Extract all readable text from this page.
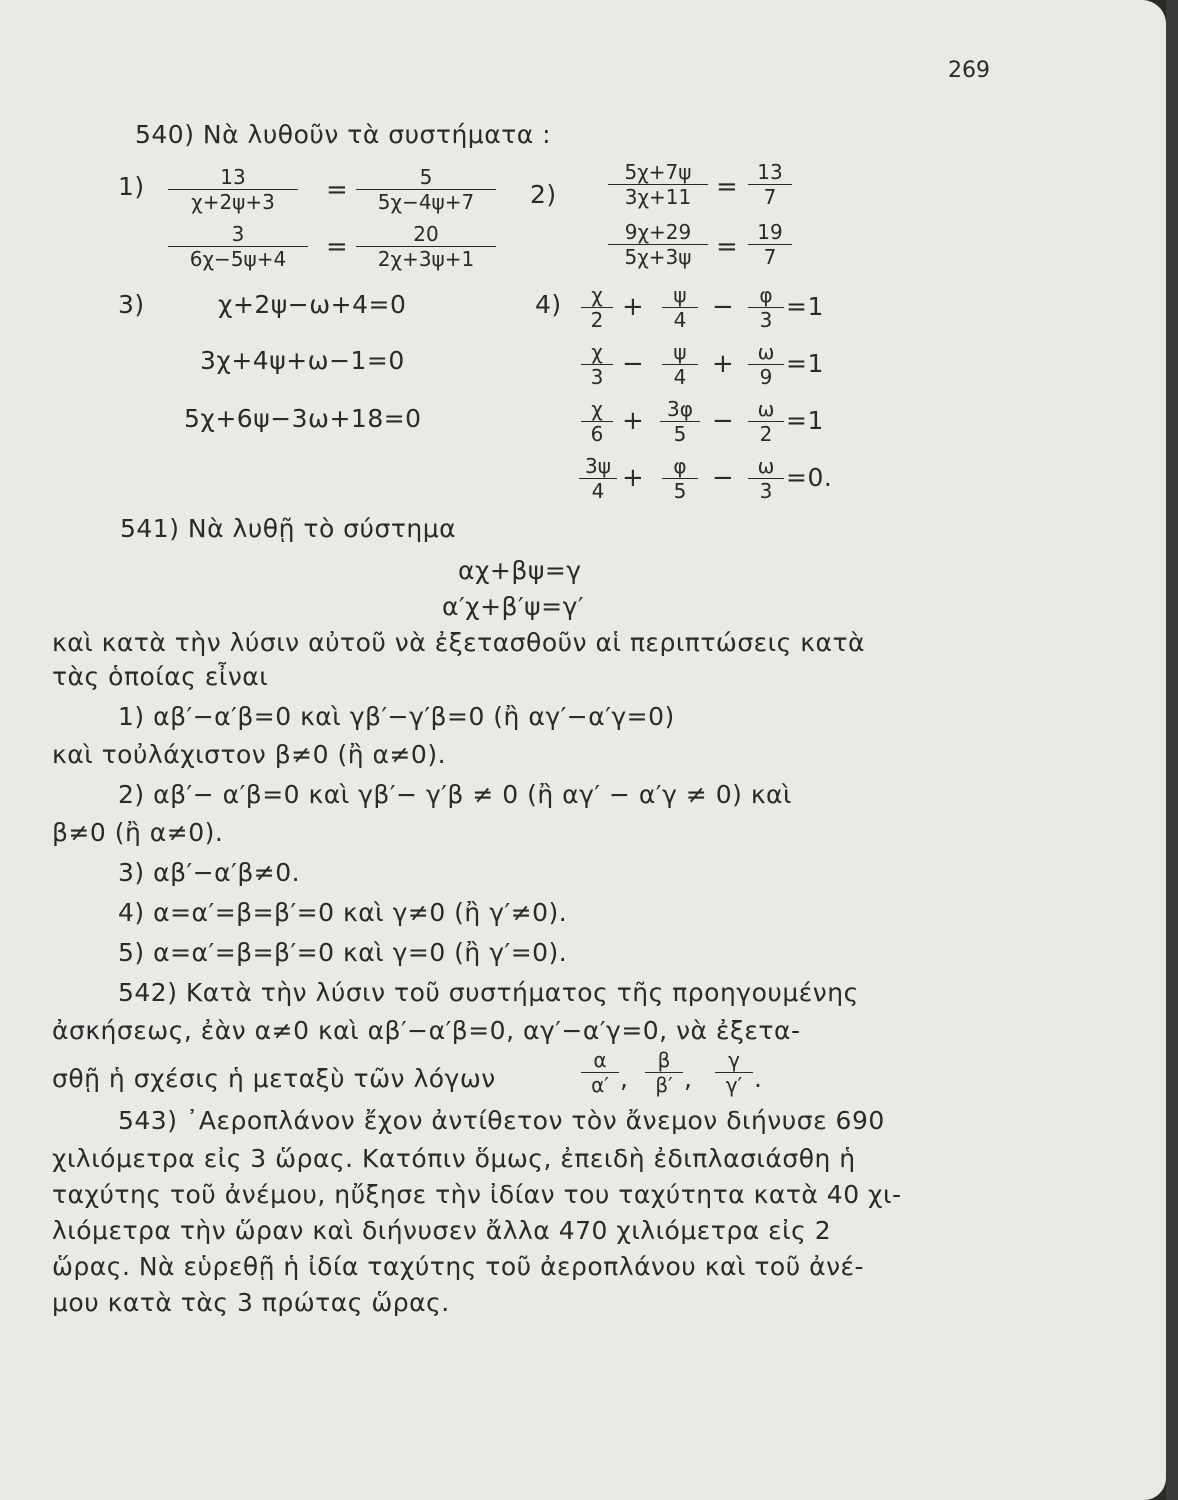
269
540) Νὰ λυθοῦν τὰ συστήματα :
$1) \frac{13}{\chi+2\psi+3} = \frac{5}{5\chi-4\psi+7}$
$\frac{3}{6\chi-5\psi+4} = \frac{20}{2\chi+3\psi+1}$
2)	$\frac{5\chi+7\psi}{3\chi+11} = \frac{13}{7}$
$\frac{9\chi+29}{5\chi+3\psi} = \frac{19}{7}$
3)	χ+2ψ−ω+4=0
3χ+4ψ+ω−1=0
5χ+6ψ−3ω+18=0
$4) \frac{\chi}{2} + \frac{\psi}{4} - \frac{\varphi}{3} =1$
$\frac{\chi}{3} - \frac{\psi}{4} + \frac{\omega}{9} =1$
$\frac{\chi}{6} + \frac{3\varphi}{5} - \frac{\omega}{2} =1$
$\frac{3\psi}{4} + \frac{\varphi}{5} - \frac{\omega}{3} =0$.
541) Νὰ λυθῇ τὸ σύστημα
αχ+βψ=γ
α′χ+β′ψ=γ′
καὶ κατὰ τὴν λύσιν αὐτοῦ νὰ ἐξετασθοῦν αἱ περιπτώσεις κατὰ
τὰς ὁποίας εἶναι
1) αβ′−α′β=0 καὶ γβ′−γ′β=0 (ἢ αγ′−α′γ=0)
καὶ τοὐλάχιστον β≠0 (ἢ α≠0).
2) αβ′− α′β=0 καὶ γβ′− γ′β ≠ 0 (ἢ αγ′ − α′γ ≠ 0) καὶ
β≠0 (ἢ α≠0).
3) αβ′−α′β≠0.
4) α=α′=β=β′=0 καὶ γ≠0 (ἢ γ′≠0).
5) α=α′=β=β′=0 καὶ γ=0 (ἢ γ′=0).
542) Κατὰ τὴν λύσιν τοῦ συστήματος τῆς προηγουμένης
ἀσκήσεως, ἐὰν α≠0 καὶ αβ′−α′β=0, αγ′−α′γ=0, νὰ ἐξετα-
σθῇ ἡ σχέσις ἡ μεταξὺ τῶν λόγων	$\frac{\alpha}{\alpha'}$ , $\frac{\beta}{\beta'}$ , $\frac{\gamma}{\gamma'}$ .
543) ᾿Αεροπλάνον ἔχον ἀντίθετον τὸν ἄνεμον διήνυσε 690
χιλιόμετρα εἰς 3 ὥρας. Κατόπιν ὅμως, ἐπειδὴ ἐδιπλασιάσθη ἡ
ταχύτης τοῦ ἀνέμου, ηὔξησε τὴν ἰδίαν του ταχύτητα κατὰ 40 χι-
λιόμετρα τὴν ὥραν καὶ διήνυσεν ἄλλα 470 χιλιόμετρα εἰς 2
ὥρας. Νὰ εὑρεθῇ ἡ ἰδία ταχύτης τοῦ ἀεροπλάνου καὶ τοῦ ἀνέ-
μου κατὰ τὰς 3 πρώτας ὥρας.
